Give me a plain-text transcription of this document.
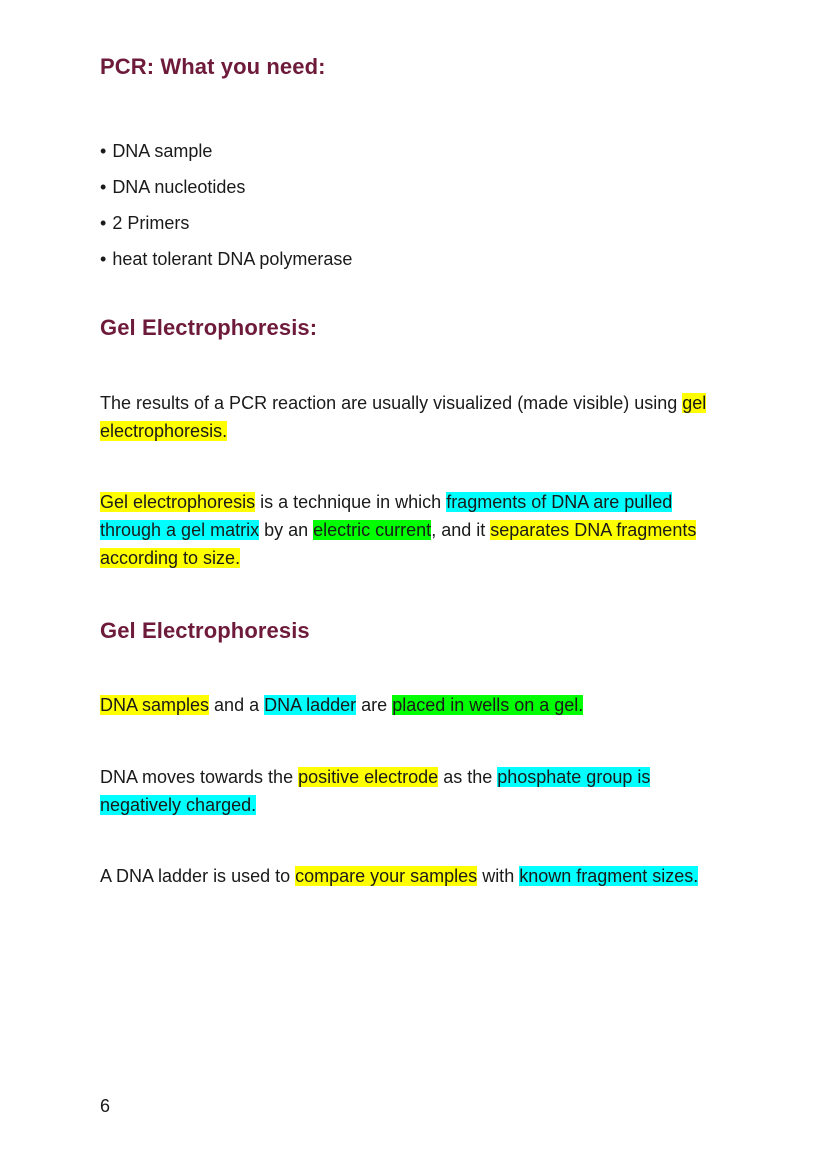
PCR: What you need:
• DNA sample
• DNA nucleotides
• 2 Primers
• heat tolerant DNA polymerase
Gel Electrophoresis:

The results of a PCR reaction are usually visualized (made visible) using gel electrophoresis.

Gel electrophoresis is a technique in which fragments of DNA are pulled through a gel matrix by an electric current, and it separates DNA fragments according to size.

Gel Electrophoresis

DNA samples and a DNA ladder are placed in wells on a gel.

DNA moves towards the positive electrode as the phosphate group is negatively charged.

A DNA ladder is used to compare your samples with known fragment sizes.

6
